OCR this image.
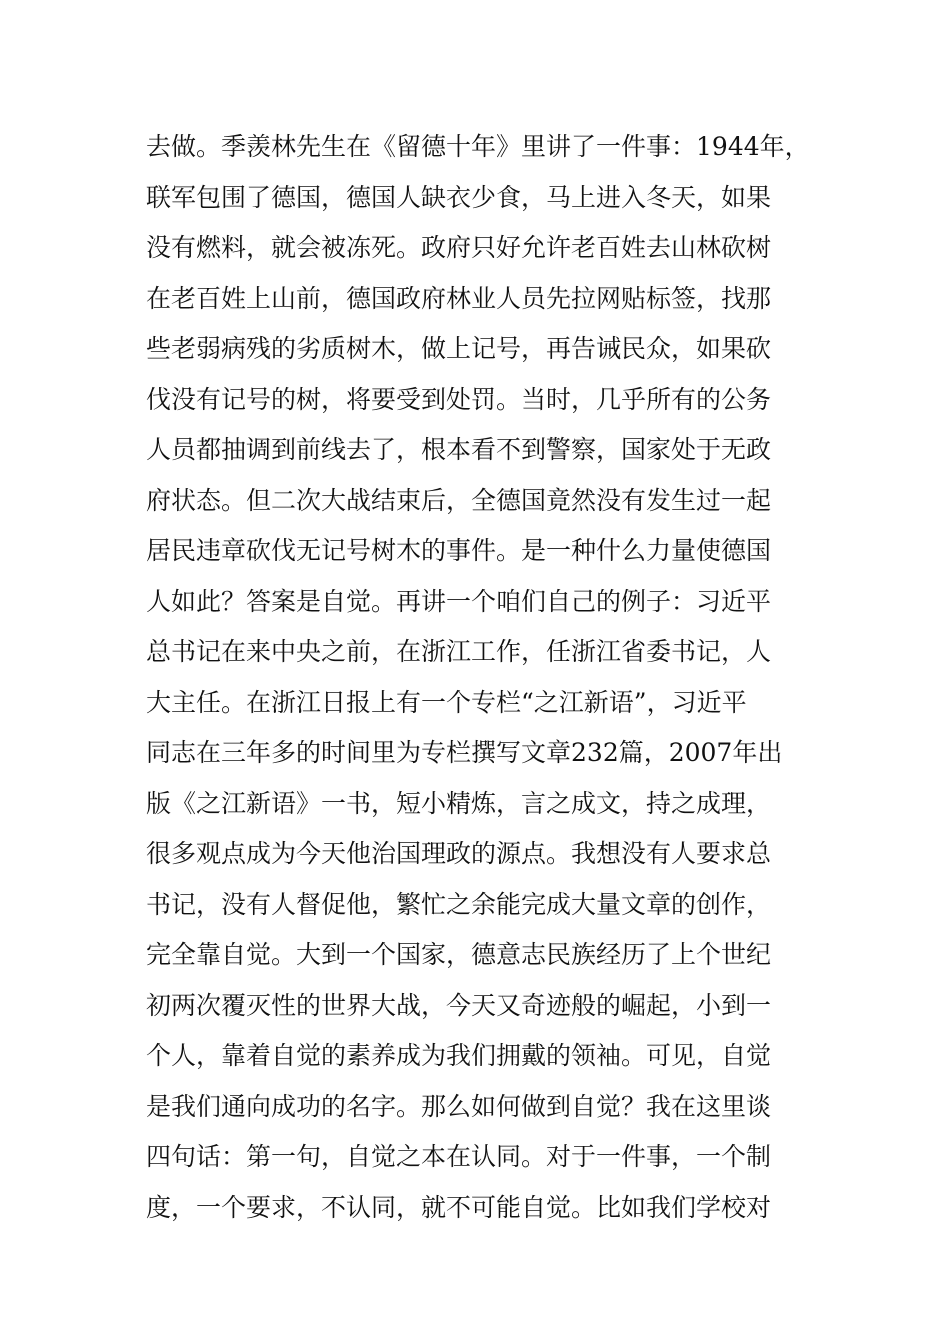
去做。季羡林先生在《留德十年》里讲了一件事：1944年，
联军包围了德国，德国人缺衣少食，马上进入冬天，如果
没有燃料，就会被冻死。政府只好允许老百姓去山林砍树
在老百姓上山前，德国政府林业人员先拉网贴标签，找那
些老弱病残的劣质树木，做上记号，再告诫民众，如果砍
伐没有记号的树，将要受到处罚。当时，几乎所有的公务
人员都抽调到前线去了，根本看不到警察，国家处于无政
府状态。但二次大战结束后，全德国竟然没有发生过一起
居民违章砍伐无记号树木的事件。是一种什么力量使德国
人如此？答案是自觉。再讲一个咱们自己的例子：习近平
总书记在来中央之前，在浙江工作，任浙江省委书记，人
大主任。在浙江日报上有一个专栏“之江新语”，习近平
同志在三年多的时间里为专栏撰写文章232篇，2007年出
版《之江新语》一书，短小精炼，言之成文，持之成理，
很多观点成为今天他治国理政的源点。我想没有人要求总
书记，没有人督促他，繁忙之余能完成大量文章的创作，
完全靠自觉。大到一个国家，德意志民族经历了上个世纪
初两次覆灭性的世界大战，今天又奇迹般的崛起，小到一
个人，靠着自觉的素养成为我们拥戴的领袖。可见，自觉
是我们通向成功的名字。那么如何做到自觉？我在这里谈
四句话：第一句，自觉之本在认同。对于一件事，一个制
度，一个要求，不认同，就不可能自觉。比如我们学校对
